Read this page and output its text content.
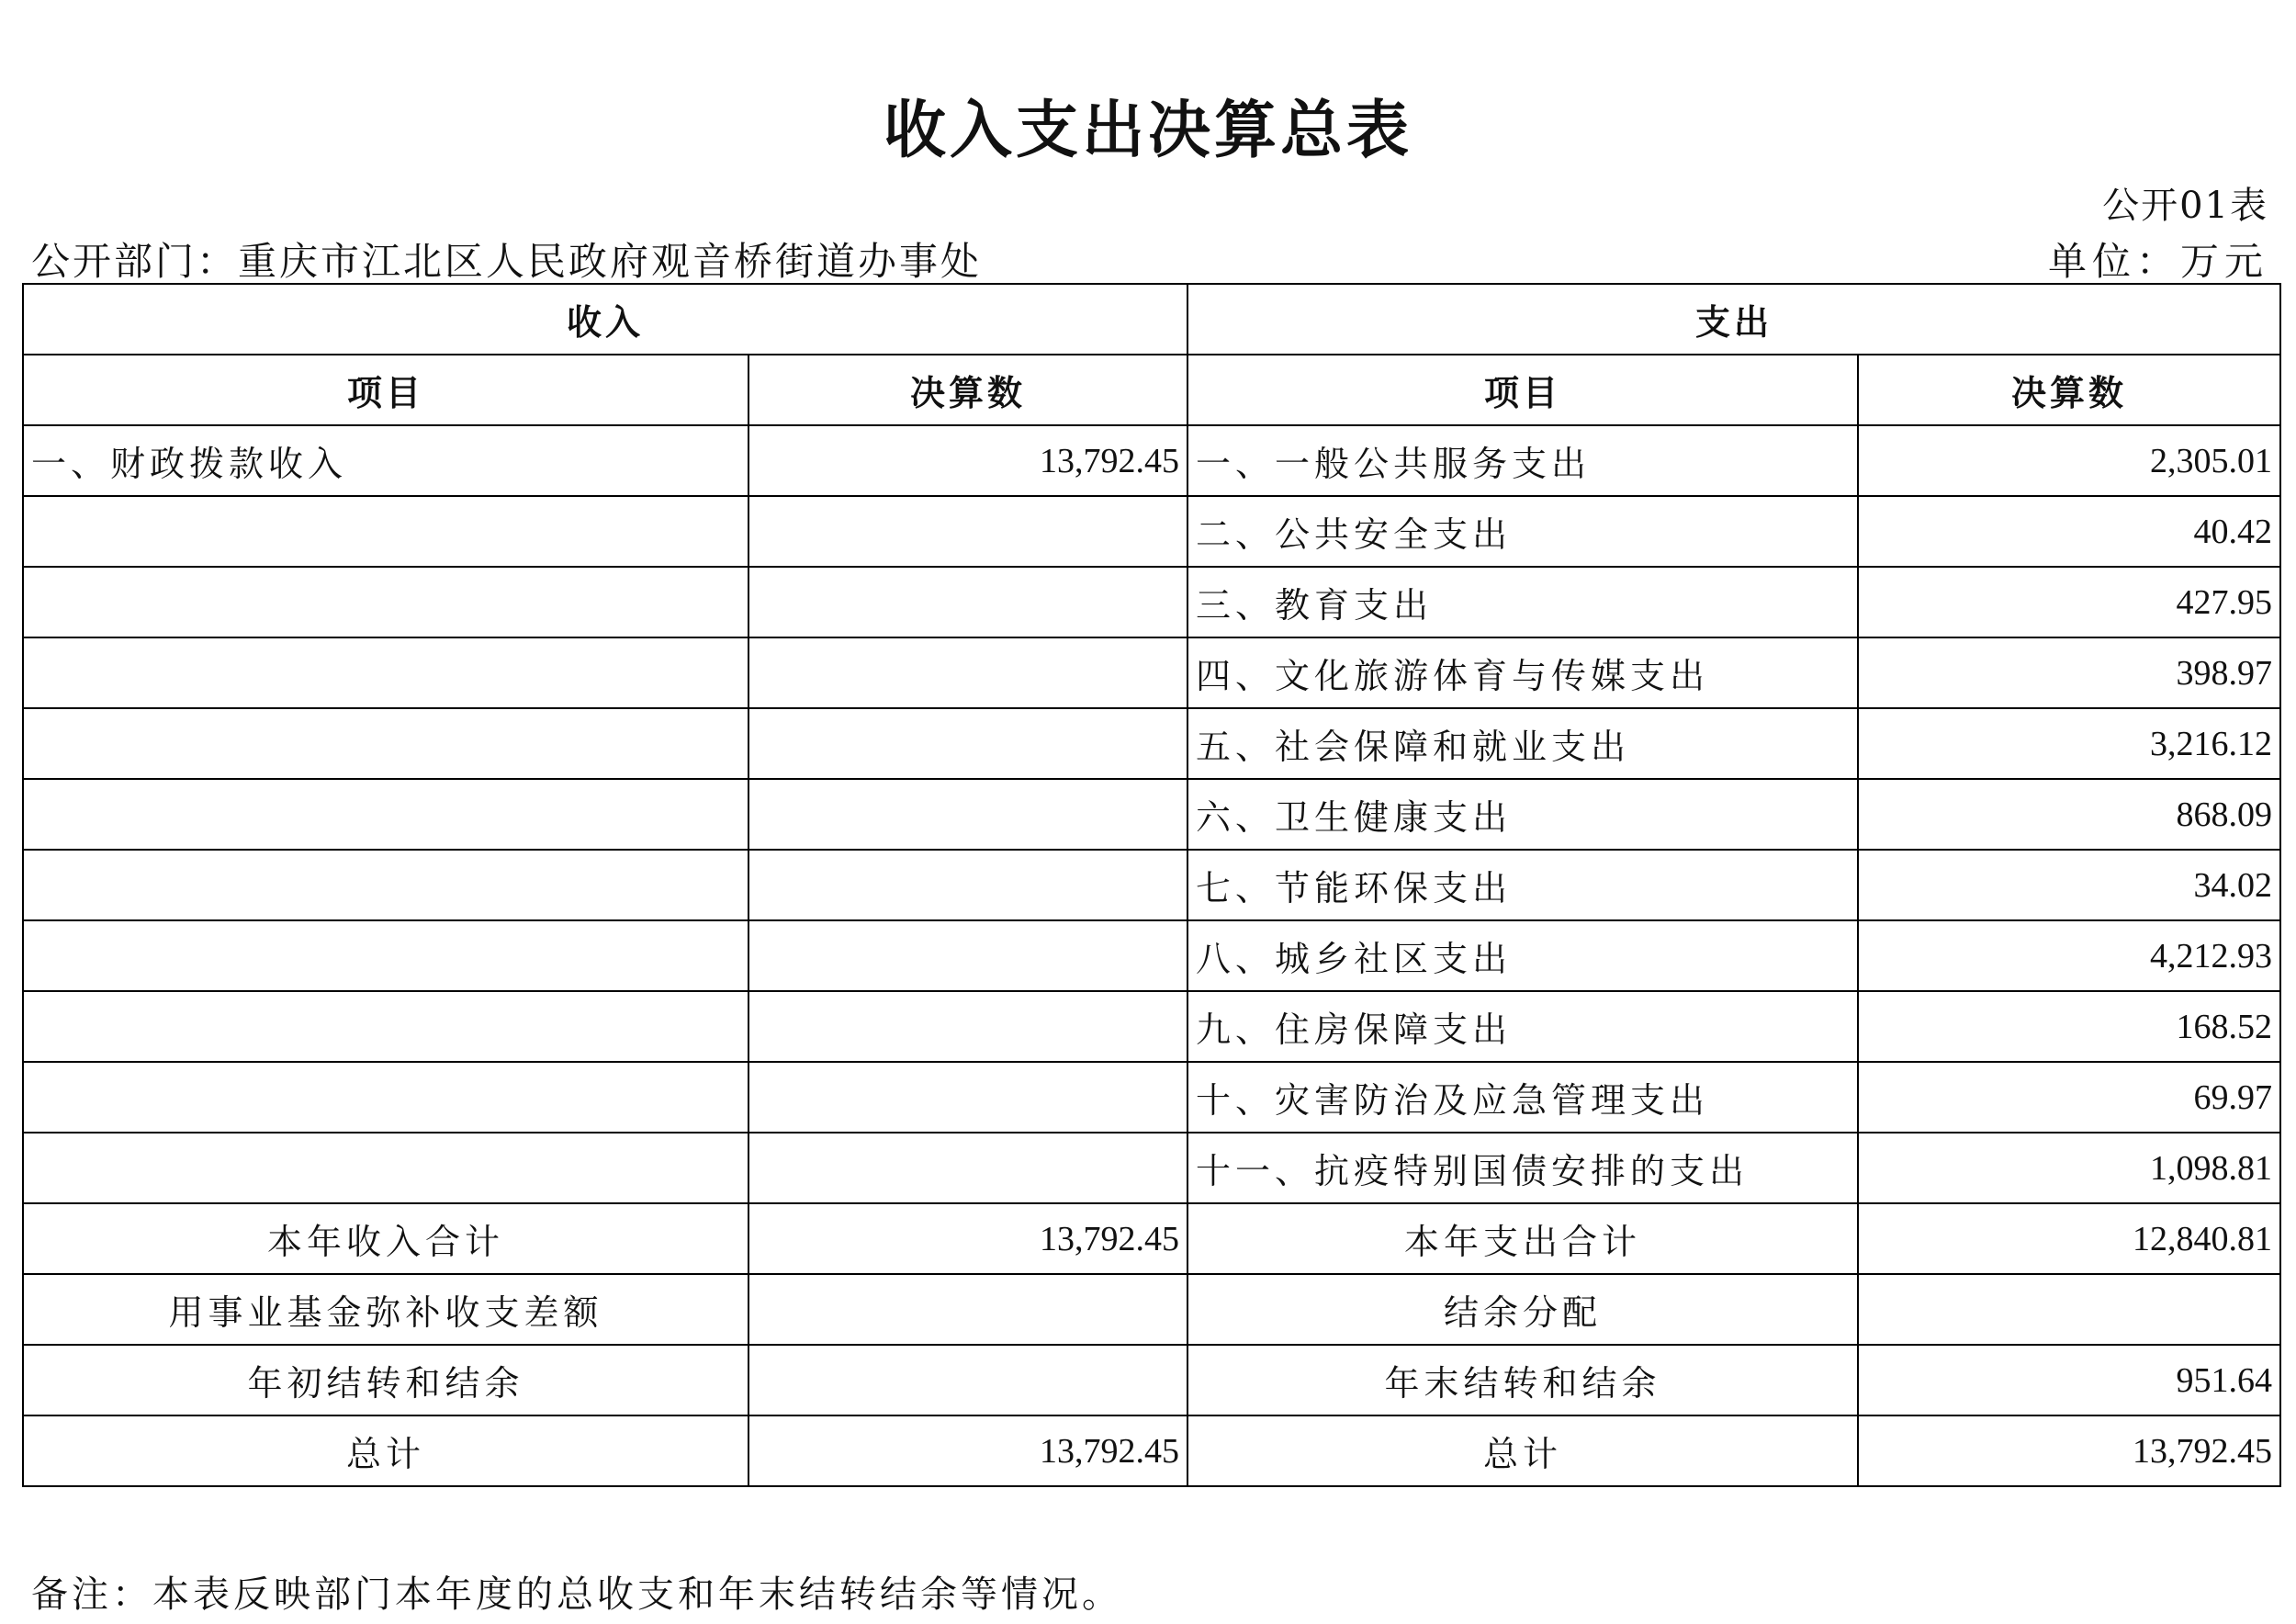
收入支出决算总表
公开01表
公开部门：重庆市江北区人民政府观音桥街道办事处	单位：万元
收入		支出	
项目	决算数	项目	决算数
一、财政拨款收入	13,792.45	一、一般公共服务支出	2,305.01
		二、公共安全支出	40.42
		三、教育支出	427.95
		四、文化旅游体育与传媒支出	398.97
		五、社会保障和就业支出	3,216.12
		六、卫生健康支出	868.09
		七、节能环保支出	34.02
		八、城乡社区支出	4,212.93
		九、住房保障支出	168.52
		十、灾害防治及应急管理支出	69.97
		十一、抗疫特别国债安排的支出	1,098.81
本年收入合计	13,792.45	本年支出合计	12,840.81
用事业基金弥补收支差额		结余分配	
年初结转和结余		年末结转和结余	951.64
总计	13,792.45	总计	13,792.45
备注：本表反映部门本年度的总收支和年末结转结余等情况。
